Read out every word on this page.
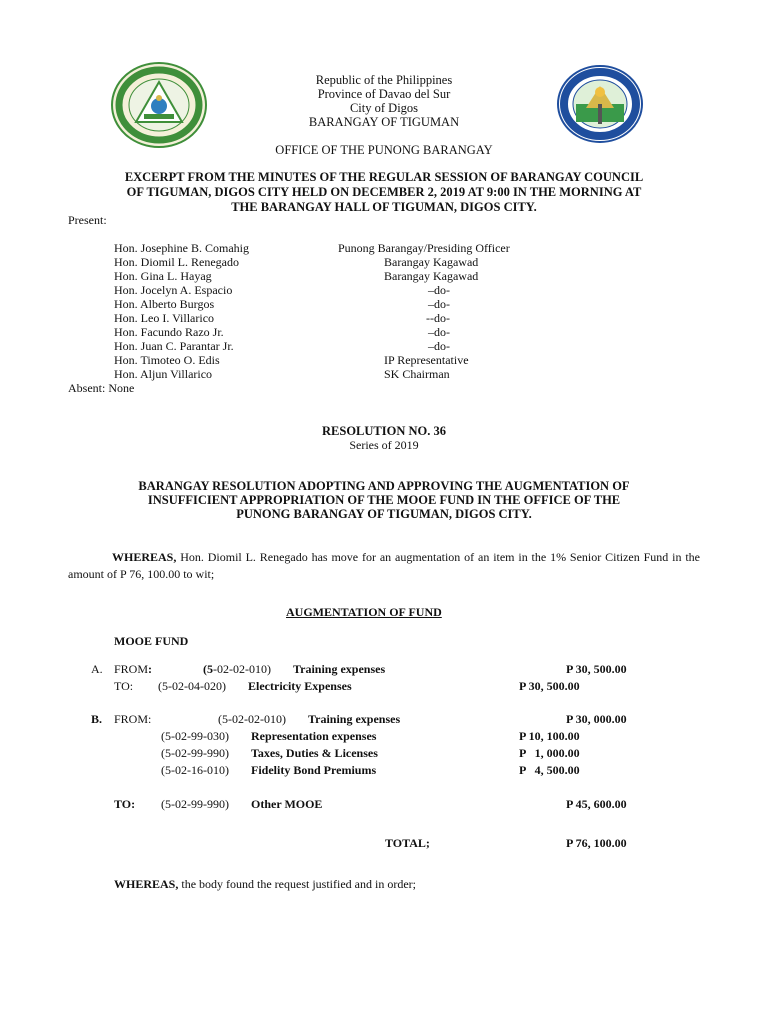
Republic of the Philippines
Province of Davao del Sur
City of Digos
BARANGAY OF TIGUMAN
OFFICE OF THE PUNONG BARANGAY
EXCERPT FROM THE MINUTES OF THE REGULAR SESSION OF BARANGAY COUNCIL
OF TIGUMAN, DIGOS CITY HELD ON DECEMBER 2, 2019 AT 9:00 IN THE MORNING AT
THE BARANGAY HALL OF TIGUMAN, DIGOS CITY.
Present:
Hon. Josephine B. Comahig	Punong Barangay/Presiding Officer
Hon. Diomil L. Renegado	Barangay Kagawad
Hon. Gina L. Hayag	Barangay Kagawad
Hon. Jocelyn A. Espacio	–do-
Hon. Alberto Burgos	–do-
Hon. Leo I. Villarico	--do-
Hon. Facundo Razo Jr.	–do-
Hon. Juan C. Parantar Jr.	–do-
Hon. Timoteo O. Edis	IP Representative
Hon. Aljun Villarico	SK Chairman
Absent: None
RESOLUTION NO. 36
Series of 2019
BARANGAY RESOLUTION ADOPTING AND APPROVING THE AUGMENTATION OF
INSUFFICIENT APPROPRIATION OF THE MOOE FUND IN THE OFFICE OF THE
PUNONG BARANGAY OF TIGUMAN, DIGOS CITY.
WHEREAS, Hon. Diomil L. Renegado has move for an augmentation of an item in the 1% Senior Citizen Fund in the amount of P 76, 100.00 to wit;
AUGMENTATION OF FUND
MOOE FUND
A. FROM:	(5-02-02-010) Training expenses	P 30, 500.00
TO: (5-02-04-020) Electricity Expenses	P 30, 500.00
B. FROM:	(5-02-02-010) Training expenses	P 30, 000.00
(5-02-99-030) Representation expenses	P 10, 100.00
(5-02-99-990) Taxes, Duties & Licenses	P   1, 000.00
(5-02-16-010) Fidelity Bond Premiums	P   4, 500.00
TO: (5-02-99-990) Other MOOE	P 45, 600.00
TOTAL;	P 76, 100.00
WHEREAS, the body found the request justified and in order;
